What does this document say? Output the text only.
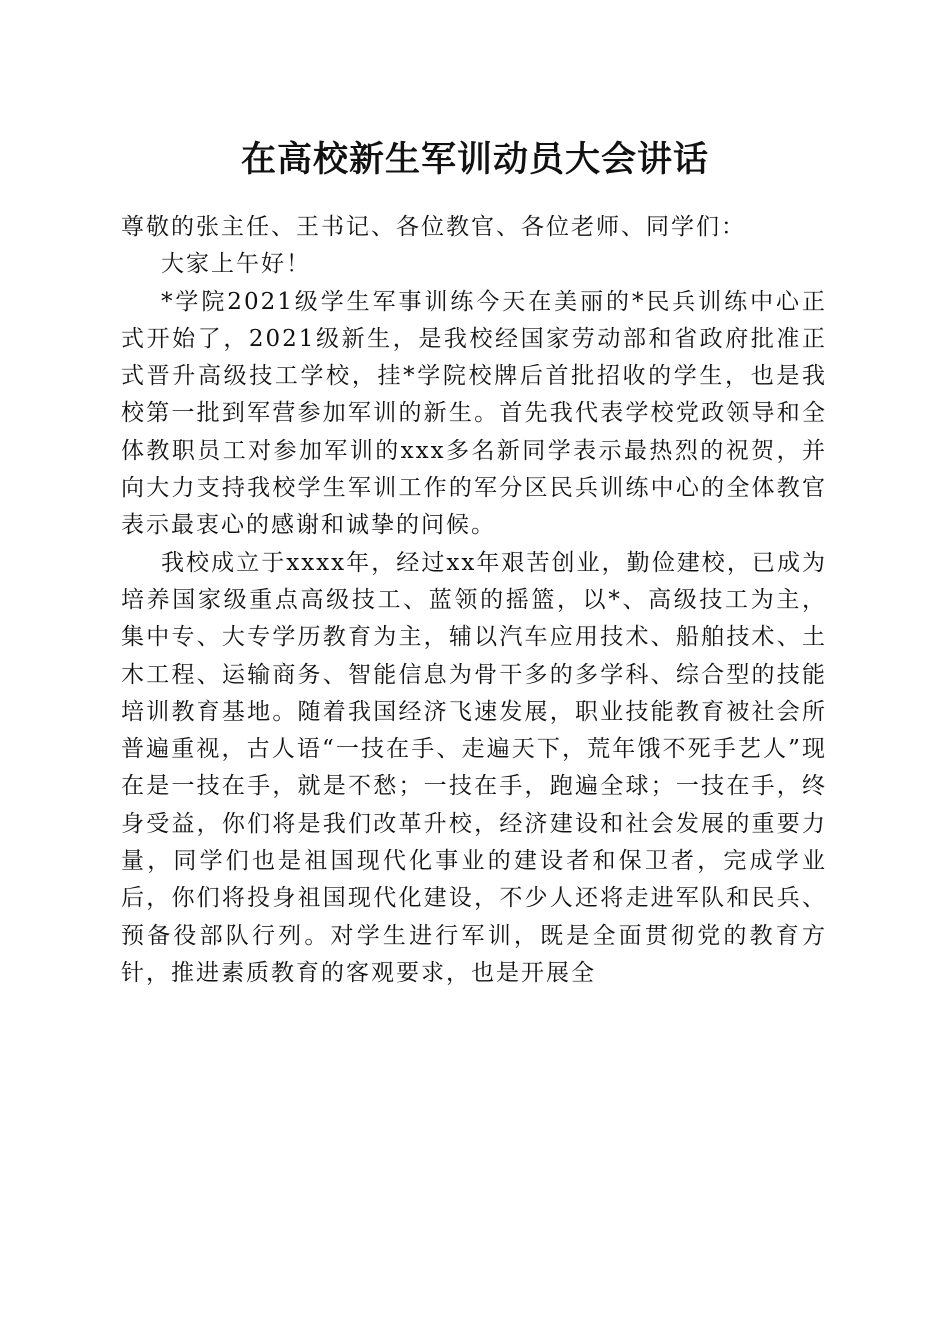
在高校新生军训动员大会讲话

尊敬的张主任、王书记、各位教官、各位老师、同学们：

大家上午好！

*学院2021级学生军事训练今天在美丽的*民兵训练中心正式开始了，2021级新生，是我校经国家劳动部和省政府批准正式晋升高级技工学校，挂*学院校牌后首批招收的学生，也是我校第一批到军营参加军训的新生。首先我代表学校党政领导和全体教职员工对参加军训的xxx多名新同学表示最热烈的祝贺，并向大力支持我校学生军训工作的军分区民兵训练中心的全体教官表示最衷心的感谢和诚挚的问候。

我校成立于xxxx年，经过xx年艰苦创业，勤俭建校，已成为培养国家级重点高级技工、蓝领的摇篮，以*、高级技工为主，集中专、大专学历教育为主，辅以汽车应用技术、船舶技术、土木工程、运输商务、智能信息为骨干多的多学科、综合型的技能培训教育基地。随着我国经济飞速发展，职业技能教育被社会所普遍重视，古人语“一技在手、走遍天下，荒年饿不死手艺人”现在是一技在手，就是不愁；一技在手，跑遍全球；一技在手，终身受益，你们将是我们改革升校，经济建设和社会发展的重要力量，同学们也是祖国现代化事业的建设者和保卫者，完成学业后，你们将投身祖国现代化建设，不少人还将走进军队和民兵、预备役部队行列。对学生进行军训，既是全面贯彻党的教育方针，推进素质教育的客观要求，也是开展全
